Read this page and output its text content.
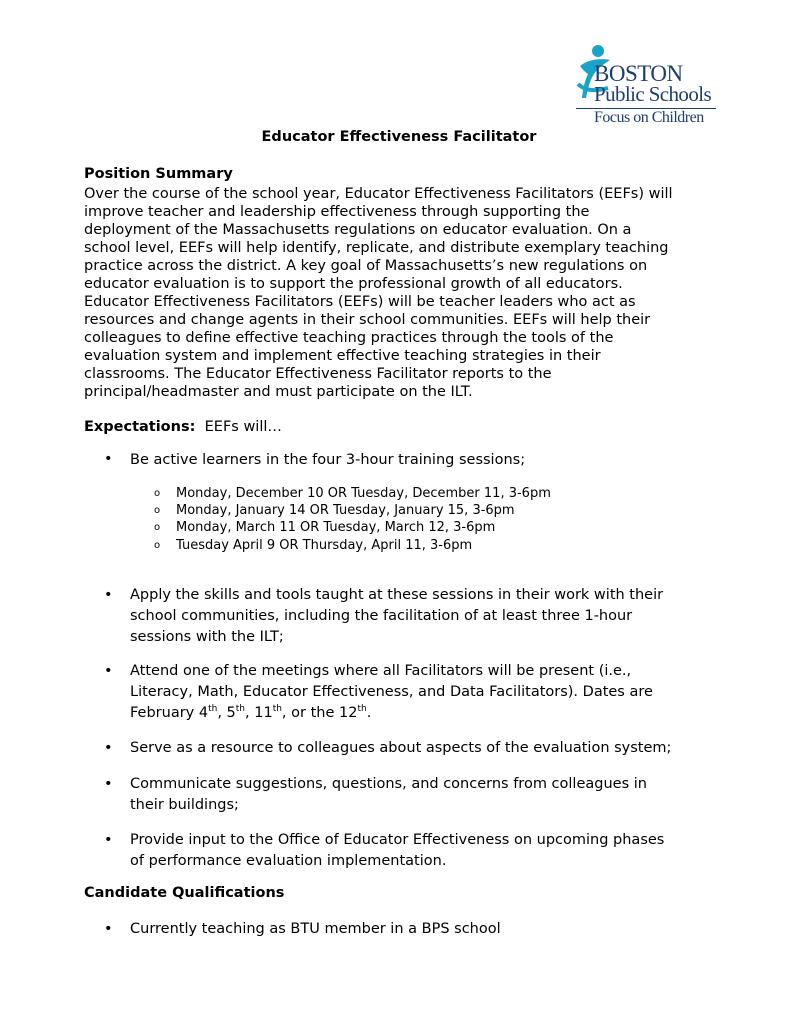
BOSTON
Public Schools
Focus on Children
Educator Effectiveness Facilitator
Position Summary
Over the course of the school year, Educator Effectiveness Facilitators (EEFs) will
improve teacher and leadership effectiveness through supporting the
deployment of the Massachusetts regulations on educator evaluation. On a
school level, EEFs will help identify, replicate, and distribute exemplary teaching
practice across the district. A key goal of Massachusetts’s new regulations on
educator evaluation is to support the professional growth of all educators.
Educator Effectiveness Facilitators (EEFs) will be teacher leaders who act as
resources and change agents in their school communities. EEFs will help their
colleagues to define effective teaching practices through the tools of the
evaluation system and implement effective teaching strategies in their
classrooms. The Educator Effectiveness Facilitator reports to the
principal/headmaster and must participate on the ILT.
Expectations: EEFs will…
• Be active learners in the four 3-hour training sessions;
o Monday, December 10 OR Tuesday, December 11, 3-6pm
o Monday, January 14 OR Tuesday, January 15, 3-6pm
o Monday, March 11 OR Tuesday, March 12, 3-6pm
o Tuesday April 9 OR Thursday, April 11, 3-6pm
• Apply the skills and tools taught at these sessions in their work with their
school communities, including the facilitation of at least three 1-hour
sessions with the ILT;
• Attend one of the meetings where all Facilitators will be present (i.e.,
Literacy, Math, Educator Effectiveness, and Data Facilitators). Dates are
February 4th, 5th, 11th, or the 12th.
• Serve as a resource to colleagues about aspects of the evaluation system;
• Communicate suggestions, questions, and concerns from colleagues in
their buildings;
• Provide input to the Office of Educator Effectiveness on upcoming phases
of performance evaluation implementation.
Candidate Qualifications
• Currently teaching as BTU member in a BPS school
